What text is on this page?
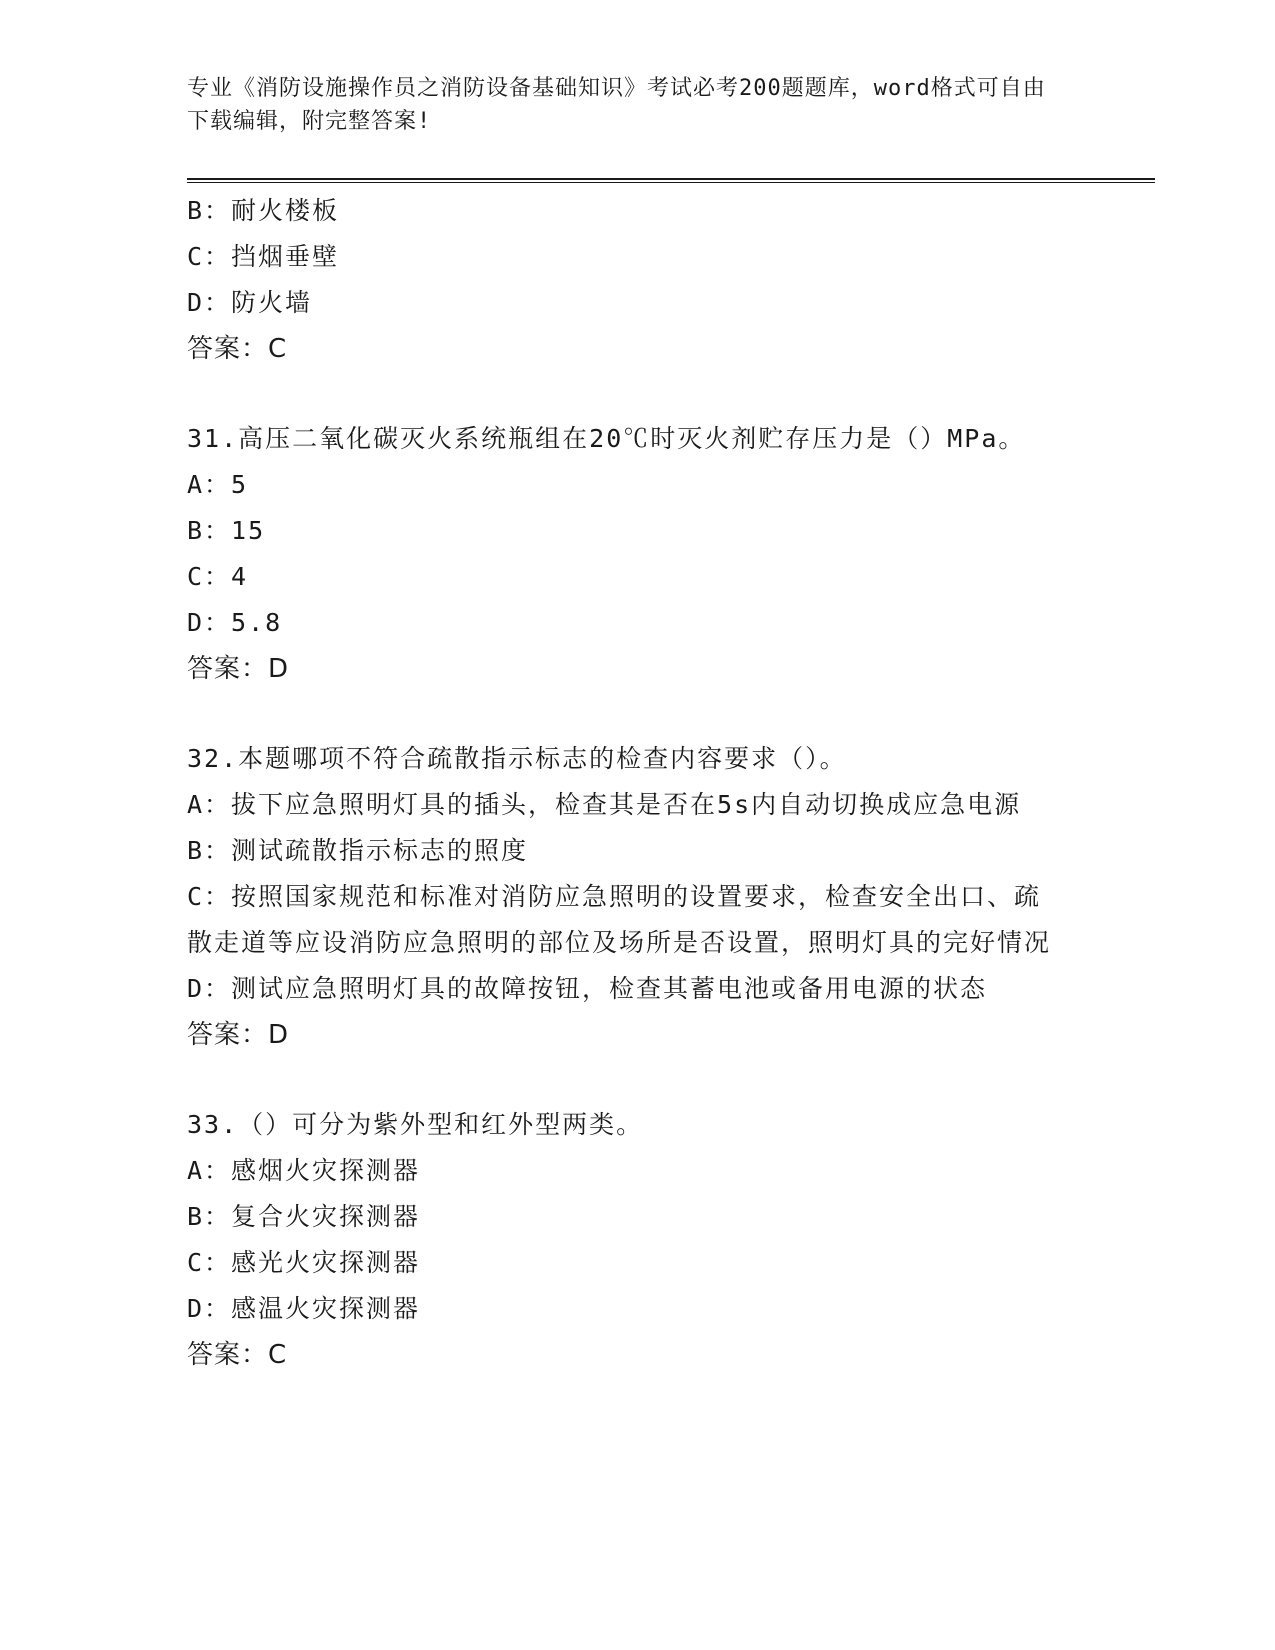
专业《消防设施操作员之消防设备基础知识》考试必考200题题库，word格式可自由下载编辑，附完整答案!
B：耐火楼板
C：挡烟垂壁
D：防火墙
答案：C
31.高压二氧化碳灭火系统瓶组在20℃时灭火剂贮存压力是（）MPa。
A：5
B：15
C：4
D：5.8
答案：D
32.本题哪项不符合疏散指示标志的检查内容要求（）。
A：拔下应急照明灯具的插头，检查其是否在5s内自动切换成应急电源
B：测试疏散指示标志的照度
C：按照国家规范和标准对消防应急照明的设置要求，检查安全出口、疏散走道等应设消防应急照明的部位及场所是否设置，照明灯具的完好情况
D：测试应急照明灯具的故障按钮，检查其蓄电池或备用电源的状态
答案：D
33.（）可分为紫外型和红外型两类。
A：感烟火灾探测器
B：复合火灾探测器
C：感光火灾探测器
D：感温火灾探测器
答案：C
